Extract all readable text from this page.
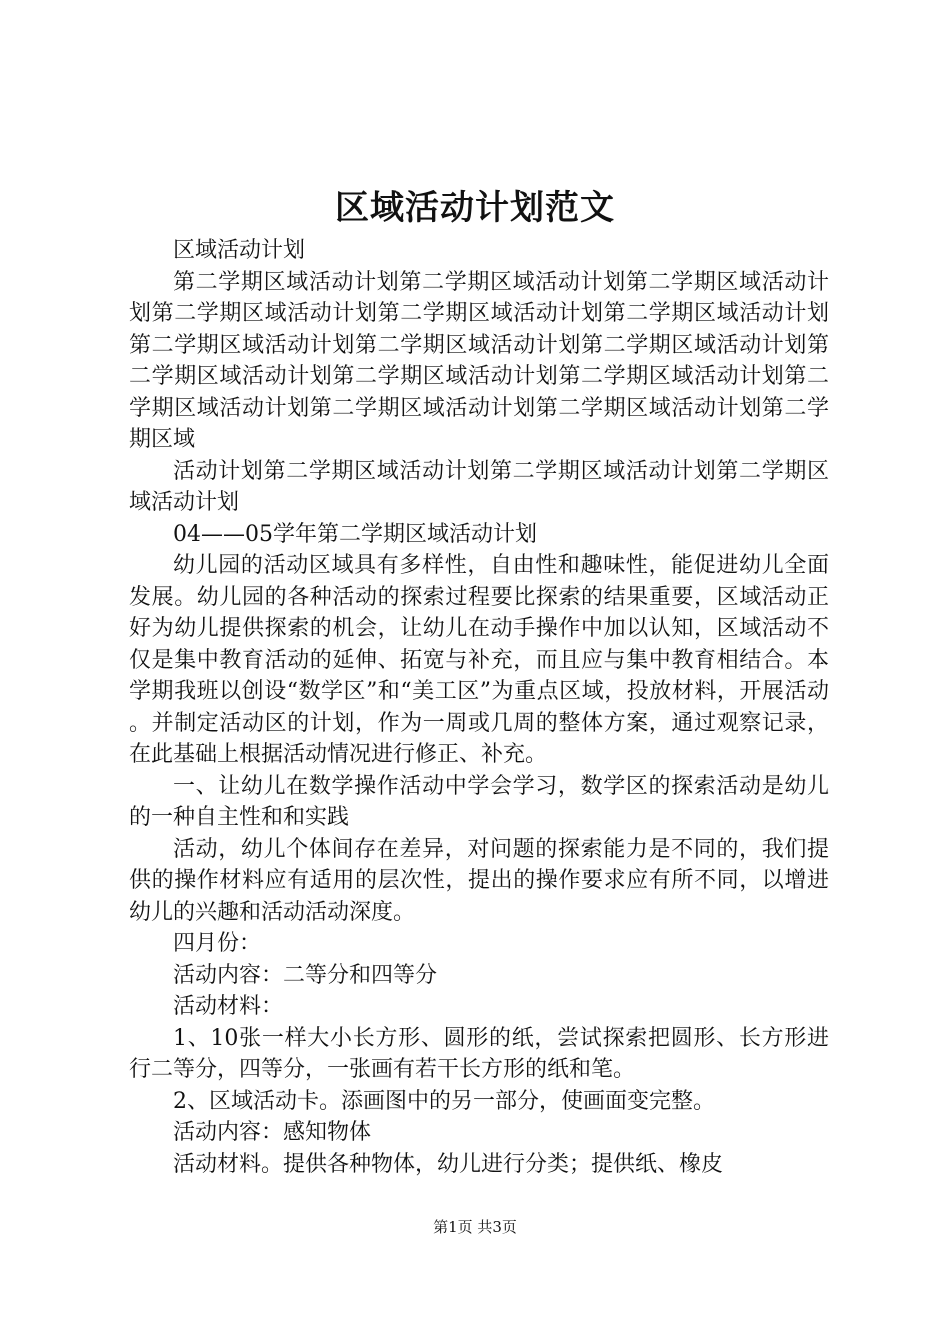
区域活动计划范文

区域活动计划

第二学期区域活动计划第二学期区域活动计划第二学期区域活动计划第二学期区域活动计划第二学期区域活动计划第二学期区域活动计划第二学期区域活动计划第二学期区域活动计划第二学期区域活动计划第二学期区域活动计划第二学期区域活动计划第二学期区域活动计划第二学期区域活动计划第二学期区域活动计划第二学期区域活动计划第二学期区域

活动计划第二学期区域活动计划第二学期区域活动计划第二学期区域活动计划

04——05学年第二学期区域活动计划

幼儿园的活动区域具有多样性，自由性和趣味性，能促进幼儿全面发展。幼儿园的各种活动的探索过程要比探索的结果重要，区域活动正好为幼儿提供探索的机会，让幼儿在动手操作中加以认知，区域活动不仅是集中教育活动的延伸、拓宽与补充，而且应与集中教育相结合。本学期我班以创设“数学区”和“美工区”为重点区域，投放材料，开展活动。并制定活动区的计划，作为一周或几周的整体方案，通过观察记录，在此基础上根据活动情况进行修正、补充。

一、让幼儿在数学操作活动中学会学习，数学区的探索活动是幼儿的一种自主性和和实践

活动，幼儿个体间存在差异，对问题的探索能力是不同的，我们提供的操作材料应有适用的层次性，提出的操作要求应有所不同，以增进幼儿的兴趣和活动活动深度。

四月份：

活动内容：二等分和四等分

活动材料：

1、10张一样大小长方形、圆形的纸，尝试探索把圆形、长方形进行二等分，四等分，一张画有若干长方形的纸和笔。

2、区域活动卡。添画图中的另一部分，使画面变完整。

活动内容：感知物体

活动材料。提供各种物体，幼儿进行分类；提供纸、橡皮

第1页 共3页
